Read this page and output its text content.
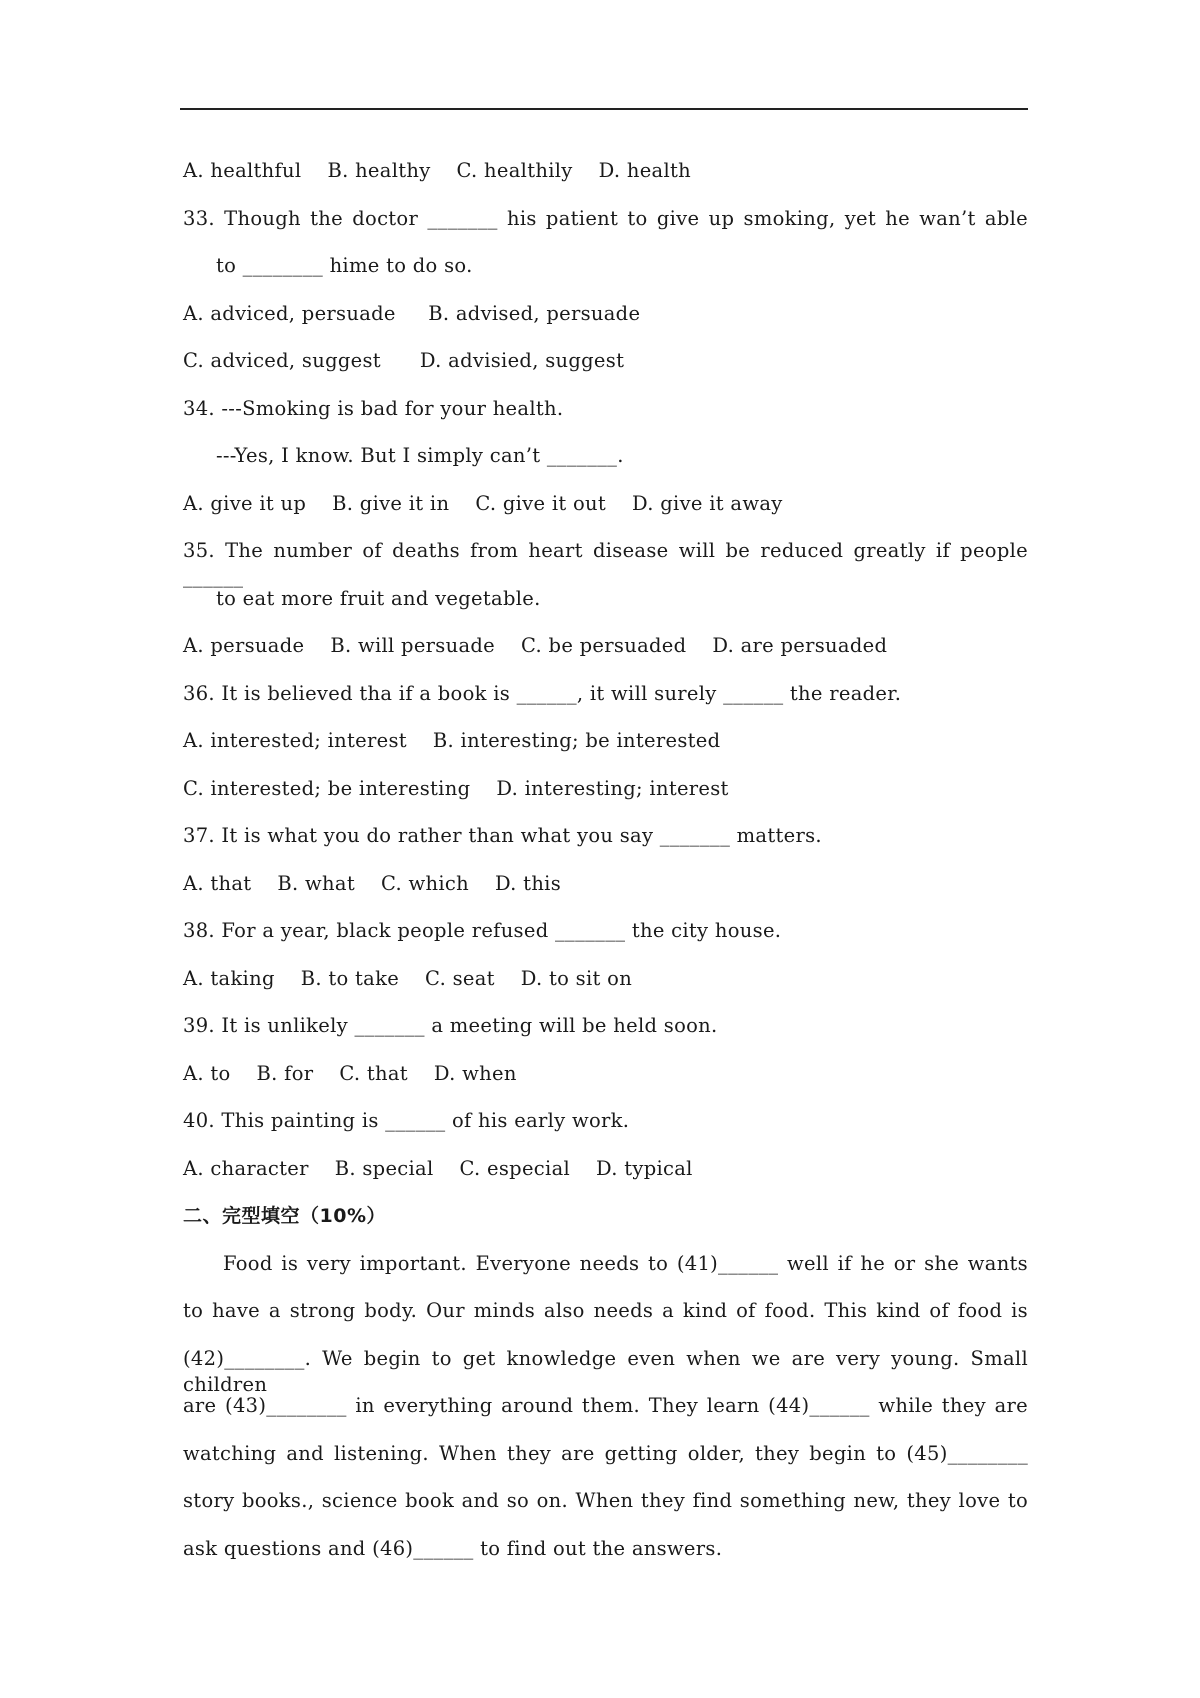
A. healthful    B. healthy    C. healthily    D. health
33. Though the doctor _______ his patient to give up smoking, yet he wan’t able
to ________ hime to do so.
A. adviced, persuade     B. advised, persuade
C. adviced, suggest      D. advisied, suggest
34. ---Smoking is bad for your health.
---Yes, I know. But I simply can’t _______.
A. give it up    B. give it in    C. give it out    D. give it away
35. The number of deaths from heart disease will be reduced greatly if people ______
to eat more fruit and vegetable.
A. persuade    B. will persuade    C. be persuaded    D. are persuaded
36. It is believed tha if a book is ______, it will surely ______ the reader.
A. interested; interest    B. interesting; be interested
C. interested; be interesting    D. interesting; interest
37. It is what you do rather than what you say _______ matters.
A. that    B. what    C. which    D. this
38. For a year, black people refused _______ the city house.
A. taking    B. to take    C. seat    D. to sit on
39. It is unlikely _______ a meeting will be held soon.
A. to    B. for    C. that    D. when
40. This painting is ______ of his early work.
A. character    B. special    C. especial    D. typical
二、完型填空（10%）
Food is very important. Everyone needs to (41)______ well if he or she wants
to have a strong body. Our minds also needs a kind of food. This kind of food is
(42)________. We begin to get knowledge even when we are very young. Small children
are (43)________ in everything around them. They learn (44)______ while they are
watching and listening. When they are getting older, they begin to (45)________
story books., science book and so on. When they find something new, they love to
ask questions and (46)______ to find out the answers.
